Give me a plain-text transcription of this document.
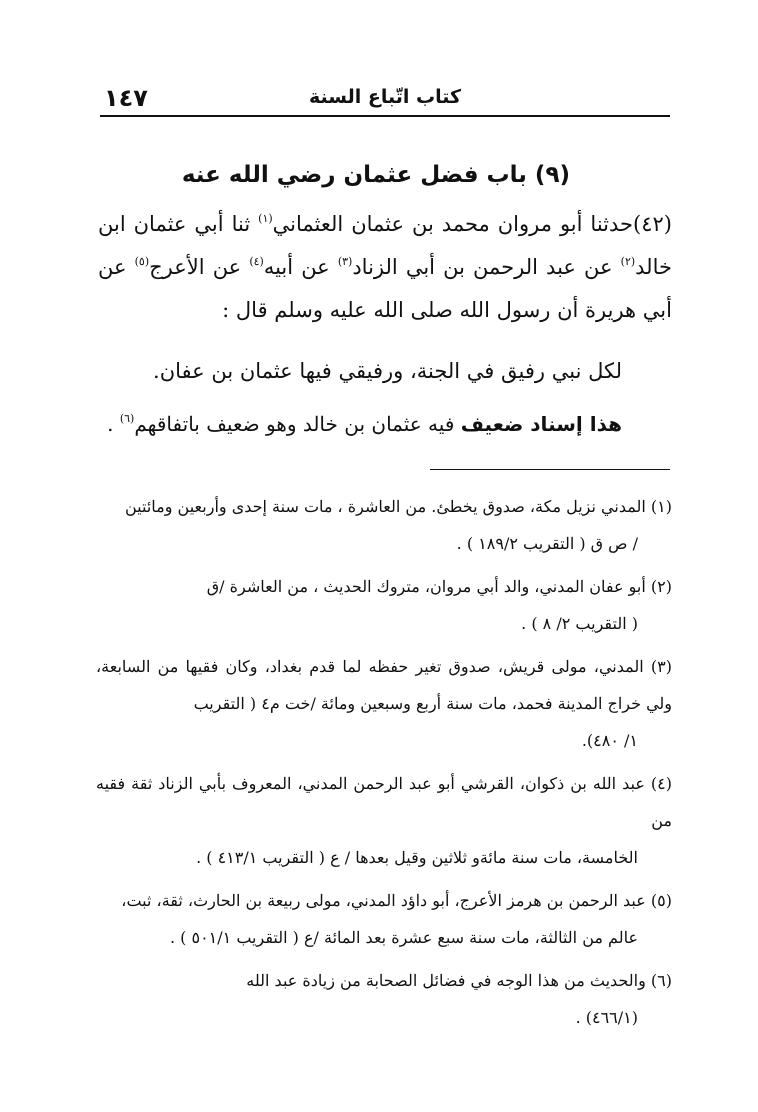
١٤٧	كتاب اتّباع السنة
(٩) باب فضل عثمان رضي الله عنه
(٤٢)حدثنا أبو مروان محمد بن عثمان العثماني$^{(١)}$ ثنا أبي عثمان ابن خالد$^{(٢)}$ عن عبد الرحمن بن أبي الزناد$^{(٣)}$ عن أبيه$^{(٤)}$ عن الأعرج$^{(٥)}$ عن أبي هريرة أن رسول الله صلى الله عليه وسلم قال :
لكل نبي رفيق في الجنة، ورفيقي فيها عثمان بن عفان.
هذا إسناد ضعيف فيه عثمان بن خالد وهو ضعيف باتفاقهم$^{(٦)}$ .
(١) المدني نزيل مكة، صدوق يخطئ. من العاشرة ، مات سنة إحدى وأربعين ومائتين
/ ص ق ( التقريب ١٨٩/٢ ) .
(٢) أبو عفان المدني، والد أبي مروان، متروك الحديث ، من العاشرة /ق
( التقريب ٢/ ٨ ) .
(٣) المدني، مولى قريش، صدوق تغير حفظه لما قدم بغداد، وكان فقيها من السابعة، ولي خراج المدينة فحمد، مات سنة أربع وسبعين ومائة /خت م٤ ( التقريب
١/ ٤٨٠).
(٤) عبد الله بن ذكوان، القرشي أبو عبد الرحمن المدني، المعروف بأبي الزناد ثقة فقيه من
الخامسة، مات سنة مائةو ثلاثين وقيل بعدها / ع ( التقريب ٤١٣/١ ) .
(٥) عبد الرحمن بن هرمز الأعرج، أبو داؤد المدني، مولى ربيعة بن الحارث، ثقة، ثبت،
عالم من الثالثة، مات سنة سبع عشرة بعد المائة /ع ( التقريب ٥٠١/١ ) .
(٦) والحديث من هذا الوجه في فضائل الصحابة من زيادة عبد الله
(٤٦٦/١) .
